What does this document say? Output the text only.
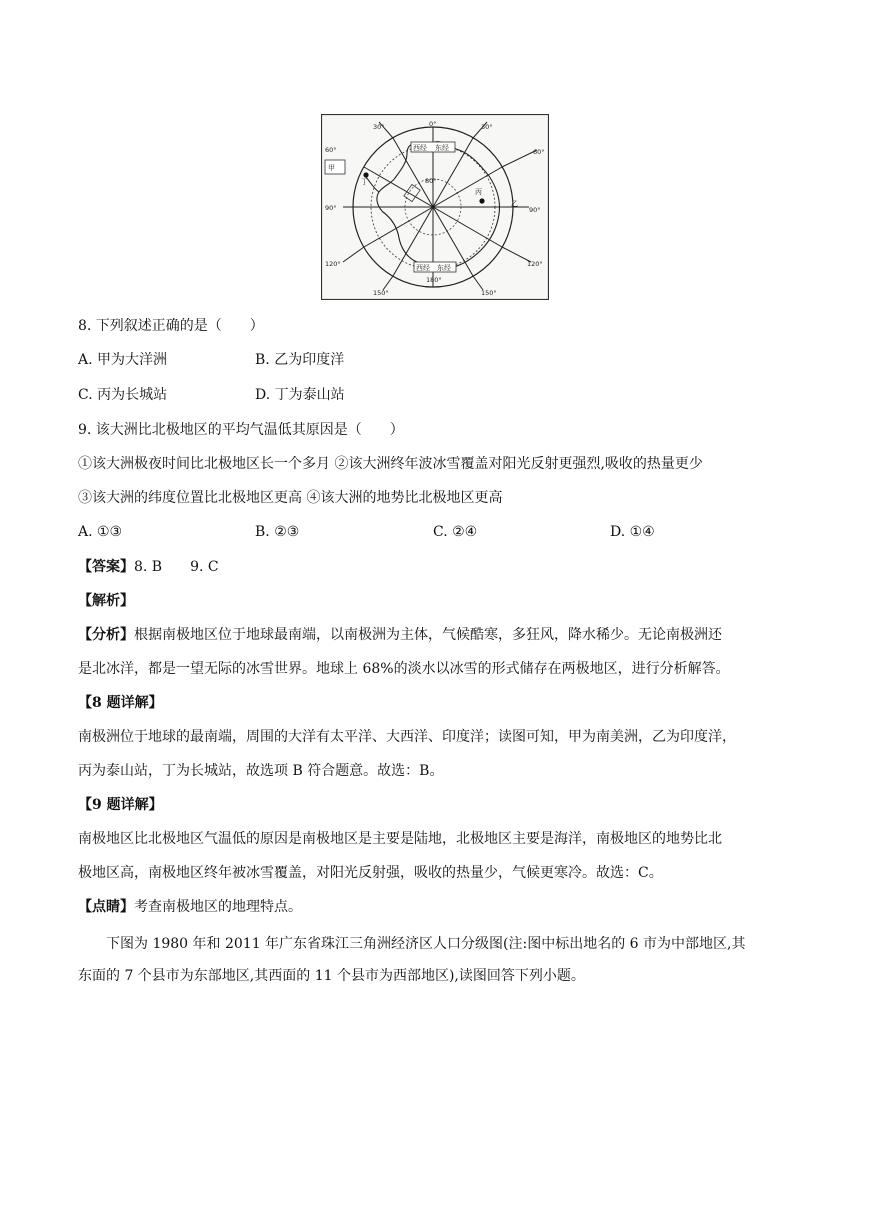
0°
30°	30°
60°	60°
90°	90°
120°	120°
150°	150°
180°
80°
西经 东经
西经 东经
甲
乙
丙
丁
8. 下列叙述正确的是（　　）
A. 甲为大洋洲	B. 乙为印度洋
C. 丙为长城站	D. 丁为泰山站
9. 该大洲比北极地区的平均气温低其原因是（　　）
①该大洲极夜时间比北极地区长一个多月 ②该大洲终年波冰雪覆盖对阳光反射更强烈,吸收的热量更少
③该大洲的纬度位置比北极地区更高 ④该大洲的地势比北极地区更高
A. ①③	B. ②③	C. ②④	D. ①④
【答案】8. B　　9. C
【解析】
【分析】根据南极地区位于地球最南端，以南极洲为主体，气候酷寒，多狂风，降水稀少。无论南极洲还
是北冰洋，都是一望无际的冰雪世界。地球上 68%的淡水以冰雪的形式储存在两极地区，进行分析解答。
【8 题详解】
南极洲位于地球的最南端，周围的大洋有太平洋、大西洋、印度洋；读图可知，甲为南美洲，乙为印度洋，
丙为泰山站，丁为长城站，故选项 B 符合题意。故选：B。
【9 题详解】
南极地区比北极地区气温低的原因是南极地区是主要是陆地，北极地区主要是海洋，南极地区的地势比北
极地区高，南极地区终年被冰雪覆盖，对阳光反射强，吸收的热量少，气候更寒冷。故选：C。
【点睛】考查南极地区的地理特点。
下图为 1980 年和 2011 年广东省珠江三角洲经济区人口分级图(注:图中标出地名的 6 市为中部地区,其
东面的 7 个县市为东部地区,其西面的 11 个县市为西部地区),读图回答下列小题。
